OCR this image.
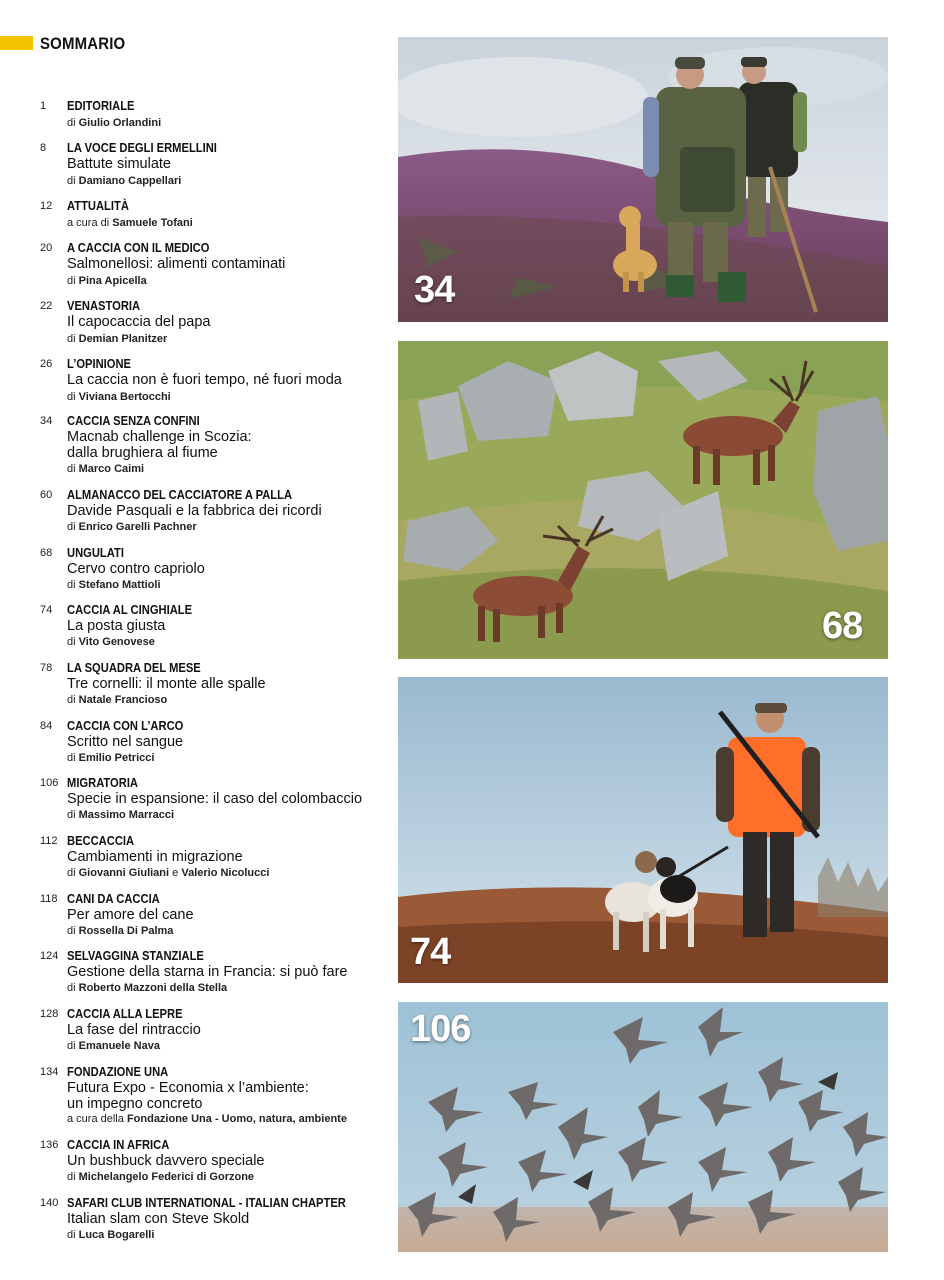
SOMMARIO
1 EDITORIALE
di Giulio Orlandini
8 LA VOCE DEGLI ERMELLINI
Battute simulate
di Damiano Cappellari
12 ATTUALITÀ
a cura di Samuele Tofani
20 A CACCIA CON IL MEDICO
Salmonellosi: alimenti contaminati
di Pina Apicella
22 VENASTORIA
Il capocaccia del papa
di Demian Planitzer
26 L’OPINIONE
La caccia non è fuori tempo, né fuori moda
di Viviana Bertocchi
34 CACCIA SENZA CONFINI
Macnab challenge in Scozia:
dalla brughiera al fiume
di Marco Caimi
60 ALMANACCO DEL CACCIATORE A PALLA
Davide Pasquali e la fabbrica dei ricordi
di Enrico Garelli Pachner
68 UNGULATI
Cervo contro capriolo
di Stefano Mattioli
74 CACCIA AL CINGHIALE
La posta giusta
di Vito Genovese
78 LA SQUADRA DEL MESE
Tre cornelli: il monte alle spalle
di Natale Francioso
84 CACCIA CON L’ARCO
Scritto nel sangue
di Emilio Petricci
106 MIGRATORIA
Specie in espansione: il caso del colombaccio
di Massimo Marracci
112 BECCACCIA
Cambiamenti in migrazione
di Giovanni Giuliani e Valerio Nicolucci
118 CANI DA CACCIA
Per amore del cane
di Rossella Di Palma
124 SELVAGGINA STANZIALE
Gestione della starna in Francia: si può fare
di Roberto Mazzoni della Stella
128 CACCIA ALLA LEPRE
La fase del rintraccio
di Emanuele Nava
134 FONDAZIONE UNA
Futura Expo - Economia x l’ambiente:
un impegno concreto
a cura della Fondazione Una - Uomo, natura, ambiente
136 CACCIA IN AFRICA
Un bushbuck davvero speciale
di Michelangelo Federici di Gorzone
140 SAFARI CLUB INTERNATIONAL - ITALIAN CHAPTER
Italian slam con Steve Skold
di Luca Bogarelli
34
68
74
106
